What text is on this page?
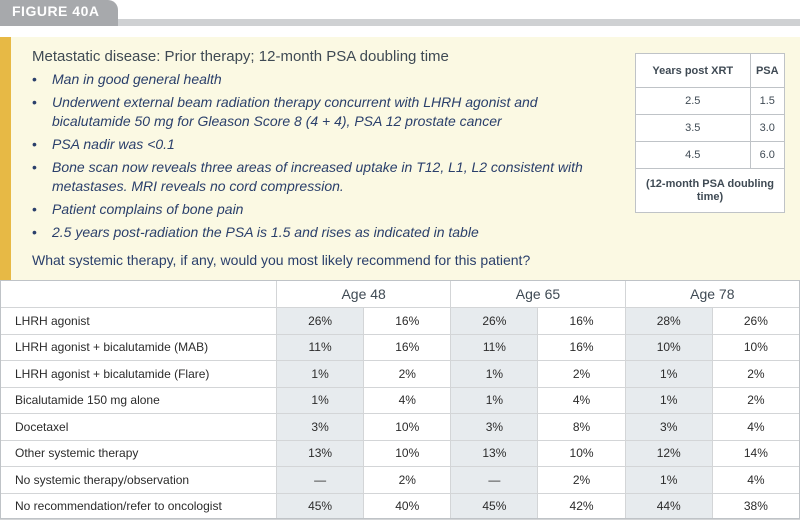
FIGURE 40A
Metastatic disease: Prior therapy; 12-month PSA doubling time
• Man in good general health
• Underwent external beam radiation therapy concurrent with LHRH agonist and bicalutamide 50 mg for Gleason Score 8 (4 + 4), PSA 12 prostate cancer
• PSA nadir was <0.1
• Bone scan now reveals three areas of increased uptake in T12, L1, L2 consistent with metastases. MRI reveals no cord compression.
• Patient complains of bone pain
• 2.5 years post-radiation the PSA is 1.5 and rises as indicated in table
What systemic therapy, if any, would you most likely recommend for this patient?
Years post XRT	PSA
2.5	1.5
3.5	3.0
4.5	6.0
(12-month PSA doubling time)	
	Age 48		Age 65		Age 78	
LHRH agonist	26%	16%	26%	16%	28%	26%
LHRH agonist + bicalutamide (MAB)	11%	16%	11%	16%	10%	10%
LHRH agonist + bicalutamide (Flare)	1%	2%	1%	2%	1%	2%
Bicalutamide 150 mg alone	1%	4%	1%	4%	1%	2%
Docetaxel	3%	10%	3%	8%	3%	4%
Other systemic therapy	13%	10%	13%	10%	12%	14%
No systemic therapy/observation	—	2%	—	2%	1%	4%
No recommendation/refer to oncologist	45%	40%	45%	42%	44%	38%
